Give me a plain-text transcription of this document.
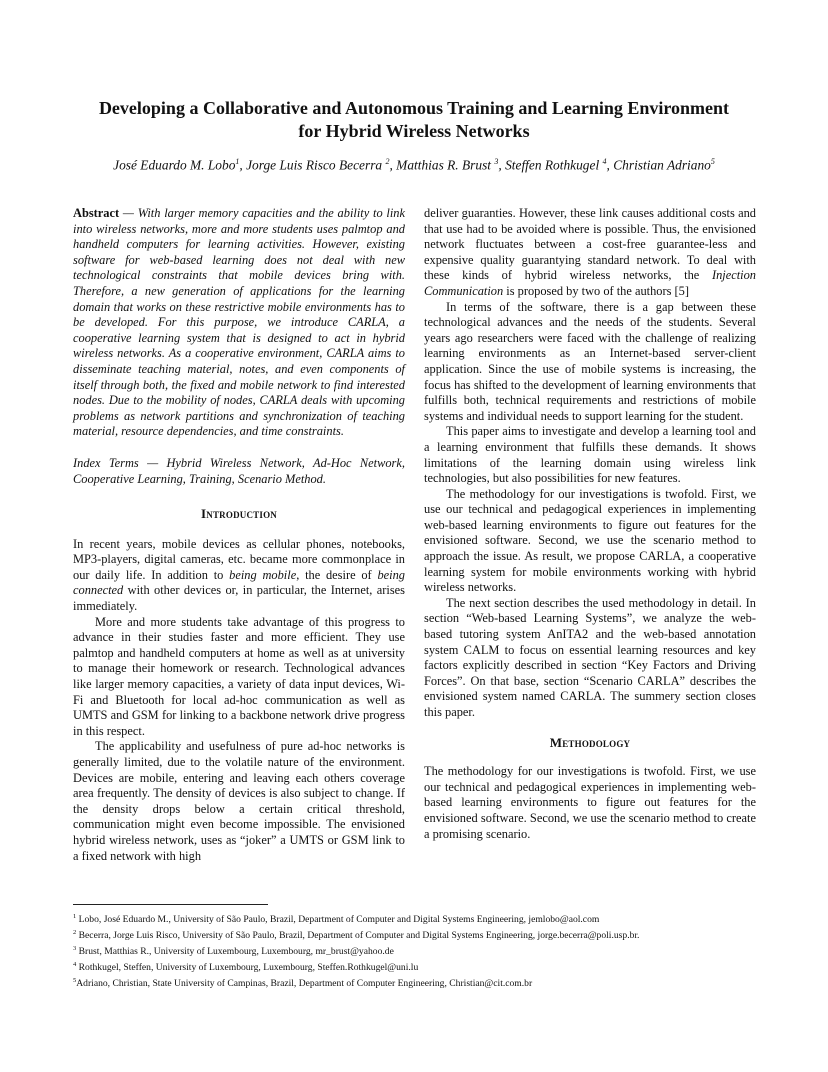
Developing a Collaborative and Autonomous Training and Learning Environment
for Hybrid Wireless Networks
José Eduardo M. Lobo$^1$, Jorge Luis Risco Becerra $^2$, Matthias R. Brust $^3$, Steffen Rothkugel $^4$, Christian Adriano$^5$

Abstract — With larger memory capacities and the ability to link into wireless networks, more and more students uses palmtop and handheld computers for learning activities. However, existing software for web-based learning does not deal with new technological constraints that mobile devices bring with. Therefore, a new generation of applications for the learning domain that works on these restrictive mobile environments has to be developed. For this purpose, we introduce CARLA, a cooperative learning system that is designed to act in hybrid wireless networks. As a cooperative environment, CARLA aims to disseminate teaching material, notes, and even components of itself through both, the fixed and mobile network to find interested nodes. Due to the mobility of nodes, CARLA deals with upcoming problems as network partitions and synchronization of teaching material, resource dependencies, and time constraints.

Index Terms — Hybrid Wireless Network, Ad-Hoc Network, Cooperative Learning, Training, Scenario Method.

Introduction

In recent years, mobile devices as cellular phones, notebooks, MP3-players, digital cameras, etc. became more commonplace in our daily life. In addition to being mobile, the desire of being connected with other devices or, in particular, the Internet, arises immediately.

More and more students take advantage of this progress to advance in their studies faster and more efficient. They use palmtop and handheld computers at home as well as at university to manage their homework or research. Technological advances like larger memory capacities, a variety of data input devices, Wi-Fi and Bluetooth for local ad-hoc communication as well as UMTS and GSM for linking to a backbone network drive progress in this respect.

The applicability and usefulness of pure ad-hoc networks is generally limited, due to the volatile nature of the environment. Devices are mobile, entering and leaving each others coverage area frequently. The density of devices is also subject to change. If the density drops below a certain critical threshold, communication might even become impossible. The envisioned hybrid wireless network, uses as “joker” a UMTS or GSM link to a fixed network with high

deliver guaranties. However, these link causes additional costs and that use had to be avoided where is possible. Thus, the envisioned network fluctuates between a cost-free guarantee-less and expensive quality guarantying standard network. To deal with these kinds of hybrid wireless networks, the Injection Communication is proposed by two of the authors [5]

In terms of the software, there is a gap between these technological advances and the needs of the students. Several years ago researchers were faced with the challenge of realizing learning environments as an Internet-based server-client application. Since the use of mobile systems is increasing, the focus has shifted to the development of learning environments that fulfills both, technical requirements and restrictions of mobile systems and individual needs to support learning for the student.

This paper aims to investigate and develop a learning tool and a learning environment that fulfills these demands. It shows limitations of the learning domain using wireless link technologies, but also possibilities for new features.

The methodology for our investigations is twofold. First, we use our technical and pedagogical experiences in implementing web-based learning environments to figure out features for the envisioned software. Second, we use the scenario method to approach the issue. As result, we propose CARLA, a cooperative learning system for mobile environments working with hybrid wireless networks.

The next section describes the used methodology in detail. In section “Web-based Learning Systems”, we analyze the web-based tutoring system AnITA2 and the web-based annotation system CALM to focus on essential learning resources and key factors explicitly described in section “Key Factors and Driving Forces”. On that base, section “Scenario CARLA” describes the envisioned system named CARLA. The summery section closes this paper.

Methodology

The methodology for our investigations is twofold. First, we use our technical and pedagogical experiences in implementing web-based learning environments to figure out features for the envisioned software. Second, we use the scenario method to create a promising scenario.

$^1$ Lobo, José Eduardo M., University of São Paulo, Brazil, Department of Computer and Digital Systems Engineering, jemlobo@aol.com
$^2$ Becerra, Jorge Luis Risco, University of São Paulo, Brazil, Department of Computer and Digital Systems Engineering, jorge.becerra@poli.usp.br.
$^3$ Brust, Matthias R., University of Luxembourg, Luxembourg, mr_brust@yahoo.de
$^4$ Rothkugel, Steffen, University of Luxembourg, Luxembourg, Steffen.Rothkugel@uni.lu
$^5$Adriano, Christian, State University of Campinas, Brazil, Department of Computer Engineering, Christian@cit.com.br
